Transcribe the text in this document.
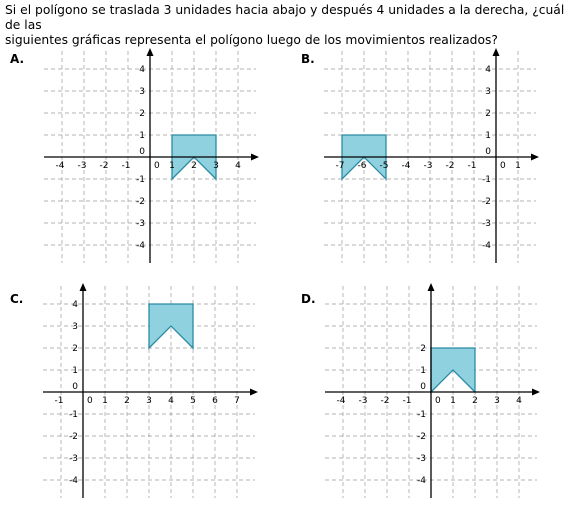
Si el polígono se traslada 3 unidades hacia abajo y después 4 unidades a la derecha, ¿cuál de las
siguientes gráficas representa el polígono luego de los movimientos realizados?
A.	B.
C.	D.
-4 -3 -2 -1	1 2 3 4
4
3
2
1
-1
-2
-3
-4
0
0	-7 -6 -5 -4 -3 -2 -1	1
4
3
2
1
-1
-2
-3
-4
0
0
-1	1 2 3 4 5 6 7
4
3
2
1
-1
-2
-3
-4
0
0	-4 -3 -2 -1	1 2 3 4
2
1
-1
-2
-3
-4
0
0
